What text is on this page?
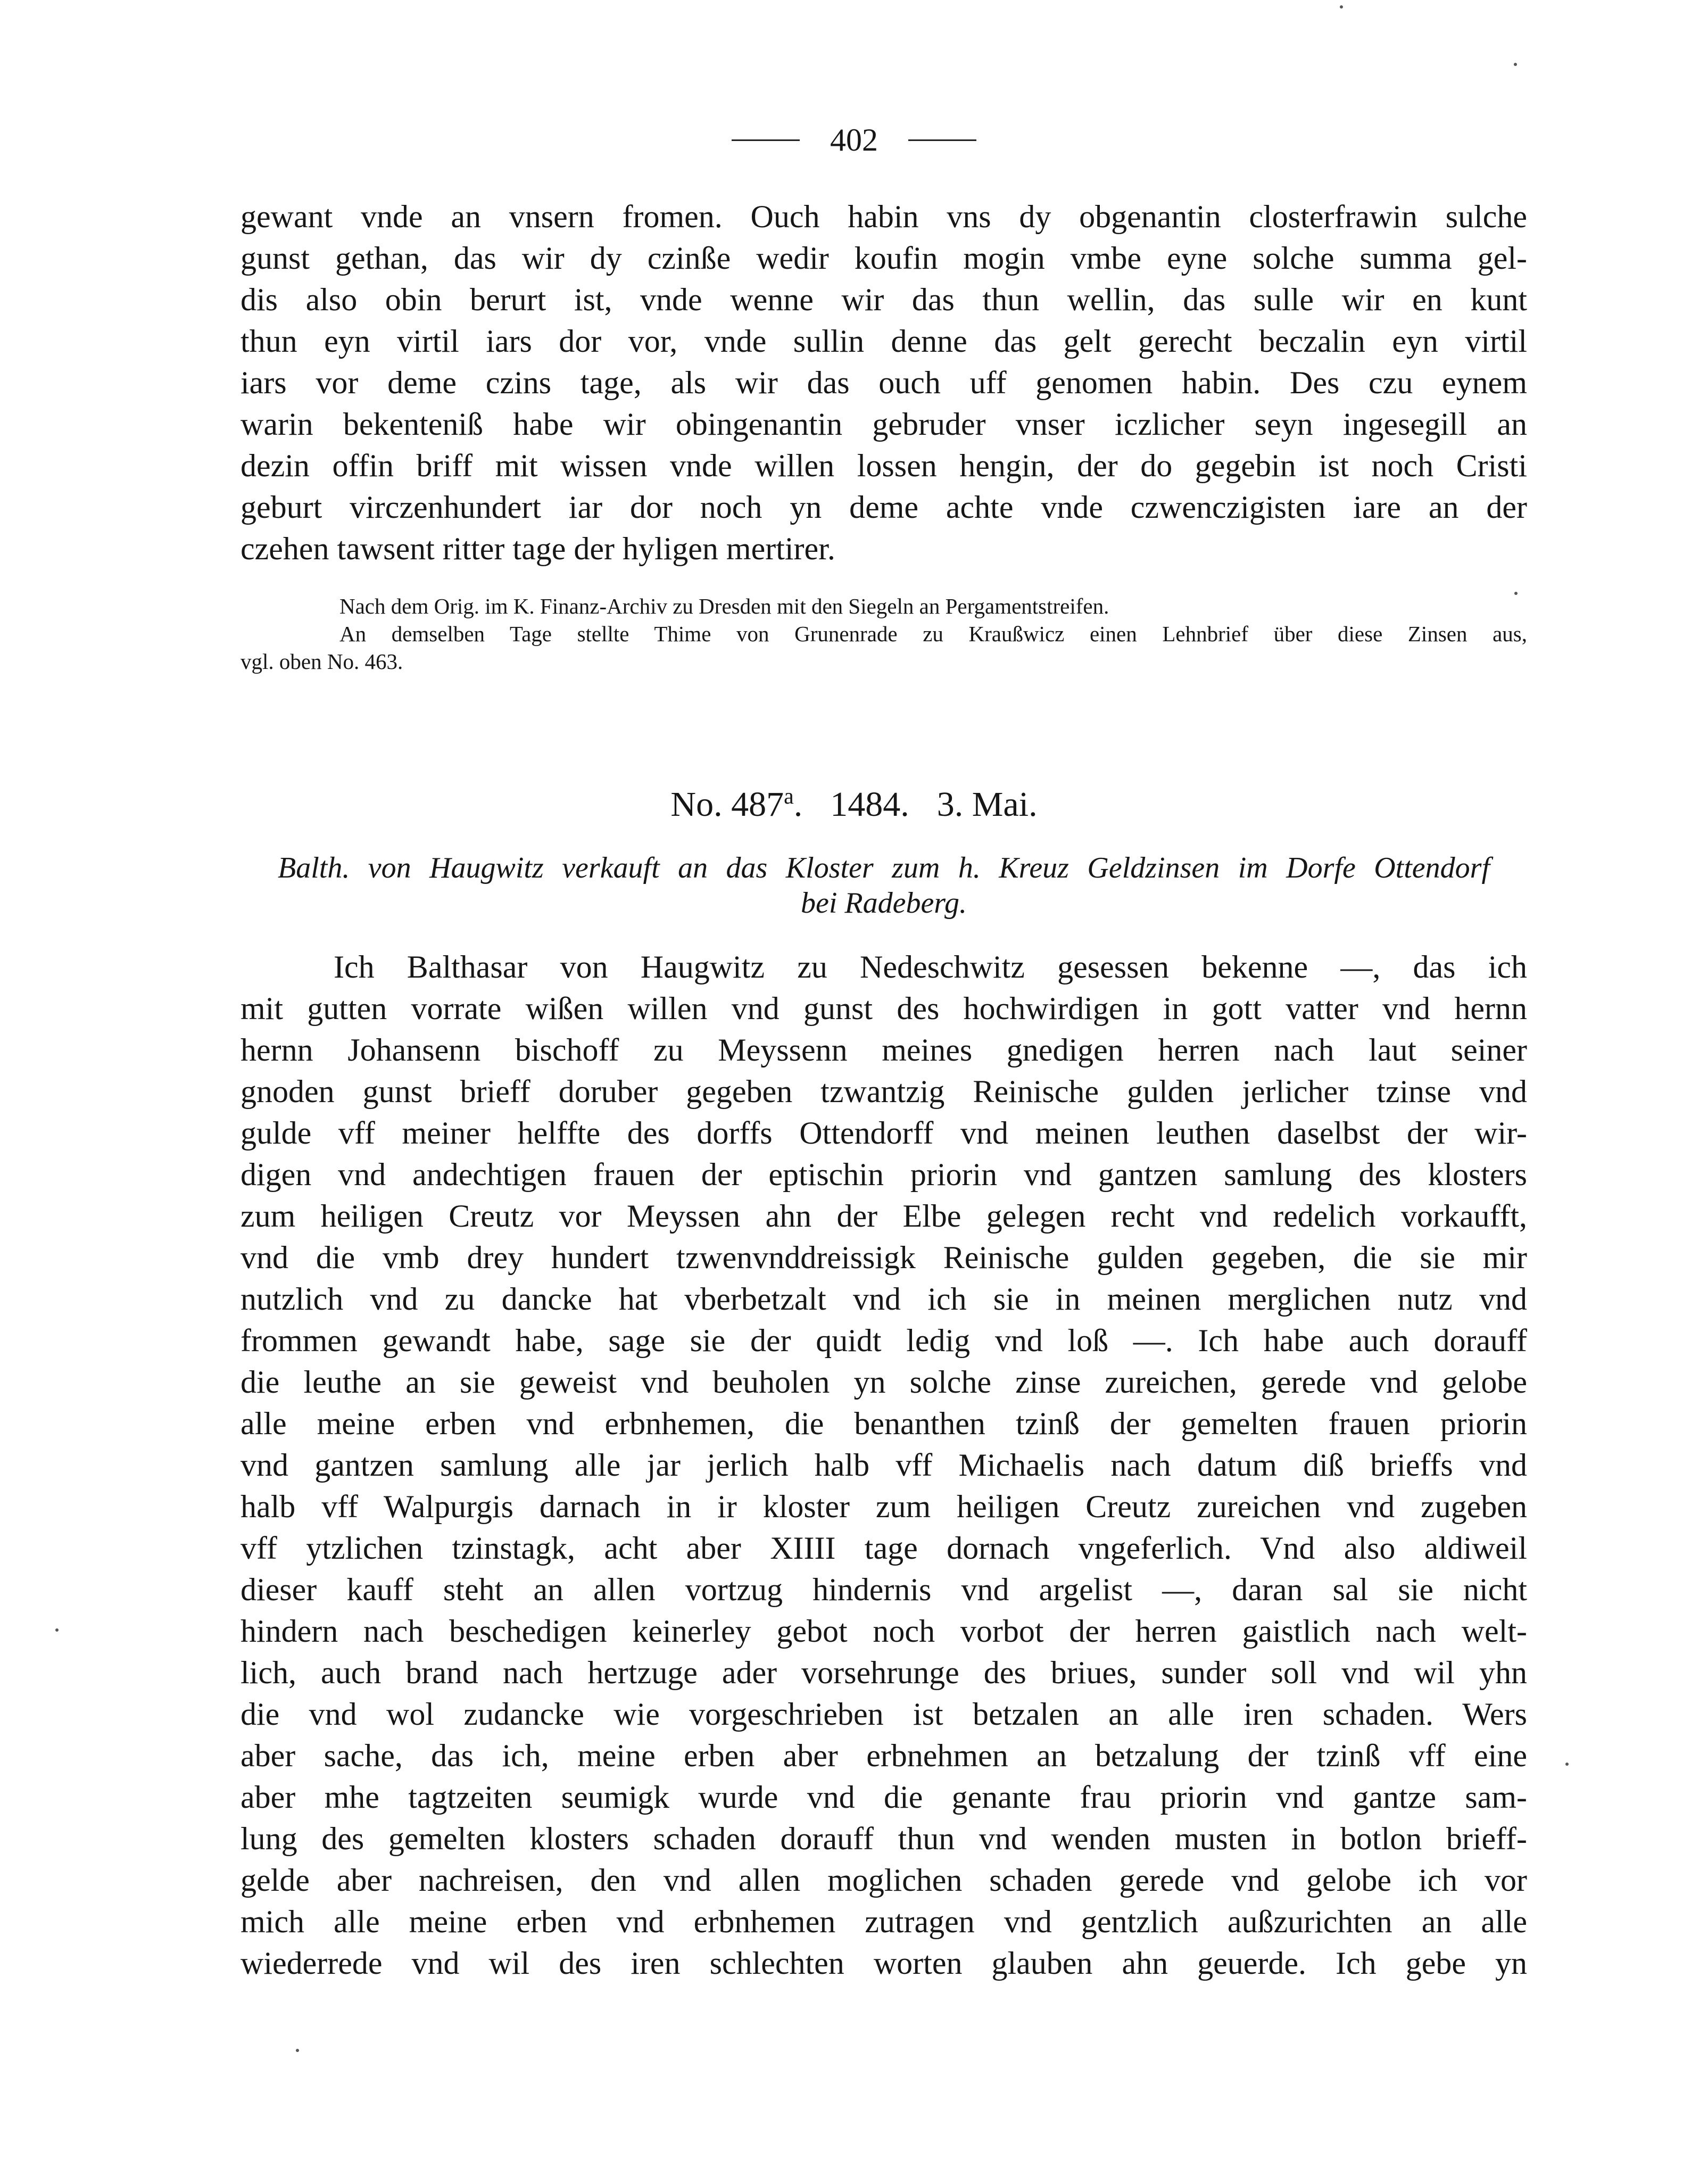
402
gewant vnde an vnsern fromen. Ouch habin vns dy obgenantin closterfrawin sulche
gunst gethan, das wir dy czinße wedir koufin mogin vmbe eyne solche summa gel-
dis also obin berurt ist, vnde wenne wir das thun wellin, das sulle wir en kunt
thun eyn virtil iars dor vor, vnde sullin denne das gelt gerecht beczalin eyn virtil
iars vor deme czins tage, als wir das ouch uff genomen habin. Des czu eynem
warin bekenteniß habe wir obingenantin gebruder vnser iczlicher seyn ingesegill an
dezin offin briff mit wissen vnde willen lossen hengin, der do gegebin ist noch Cristi
geburt virczenhundert iar dor noch yn deme achte vnde czwenczigisten iare an der
czehen tawsent ritter tage der hyligen mertirer.
Nach dem Orig. im K. Finanz-Archiv zu Dresden mit den Siegeln an Pergamentstreifen.
An demselben Tage stellte Thime von Grunenrade zu Kraußwicz einen Lehnbrief über diese Zinsen aus,
vgl. oben No. 463.
No. 487$^a$. 1484. 3. Mai.
Balth. von Haugwitz verkauft an das Kloster zum h. Kreuz Geldzinsen im Dorfe Ottendorf
bei Radeberg.
Ich Balthasar von Haugwitz zu Nedeschwitz gesessen bekenne —, das ich
mit gutten vorrate wißen willen vnd gunst des hochwirdigen in gott vatter vnd hernn
hernn Johansenn bischoff zu Meyssenn meines gnedigen herren nach laut seiner
gnoden gunst brieff doruber gegeben tzwantzig Reinische gulden jerlicher tzinse vnd
gulde vff meiner helffte des dorffs Ottendorff vnd meinen leuthen daselbst der wir-
digen vnd andechtigen frauen der eptischin priorin vnd gantzen samlung des klosters
zum heiligen Creutz vor Meyssen ahn der Elbe gelegen recht vnd redelich vorkaufft,
vnd die vmb drey hundert tzwenvnddreissigk Reinische gulden gegeben, die sie mir
nutzlich vnd zu dancke hat vberbetzalt vnd ich sie in meinen merglichen nutz vnd
frommen gewandt habe, sage sie der quidt ledig vnd loß —. Ich habe auch dorauff
die leuthe an sie geweist vnd beuholen yn solche zinse zureichen, gerede vnd gelobe
alle meine erben vnd erbnhemen, die benanthen tzinß der gemelten frauen priorin
vnd gantzen samlung alle jar jerlich halb vff Michaelis nach datum diß brieffs vnd
halb vff Walpurgis darnach in ir kloster zum heiligen Creutz zureichen vnd zugeben
vff ytzlichen tzinstagk, acht aber XIIII tage dornach vngeferlich. Vnd also aldiweil
dieser kauff steht an allen vortzug hindernis vnd argelist —, daran sal sie nicht
hindern nach beschedigen keinerley gebot noch vorbot der herren gaistlich nach welt-
lich, auch brand nach hertzuge ader vorsehrunge des briues, sunder soll vnd wil yhn
die vnd wol zudancke wie vorgeschrieben ist betzalen an alle iren schaden. Wers
aber sache, das ich, meine erben aber erbnehmen an betzalung der tzinß vff eine
aber mhe tagtzeiten seumigk wurde vnd die genante frau priorin vnd gantze sam-
lung des gemelten klosters schaden dorauff thun vnd wenden musten in botlon brieff-
gelde aber nachreisen, den vnd allen moglichen schaden gerede vnd gelobe ich vor
mich alle meine erben vnd erbnhemen zutragen vnd gentzlich außzurichten an alle
wiederrede vnd wil des iren schlechten worten glauben ahn geuerde. Ich gebe yn
